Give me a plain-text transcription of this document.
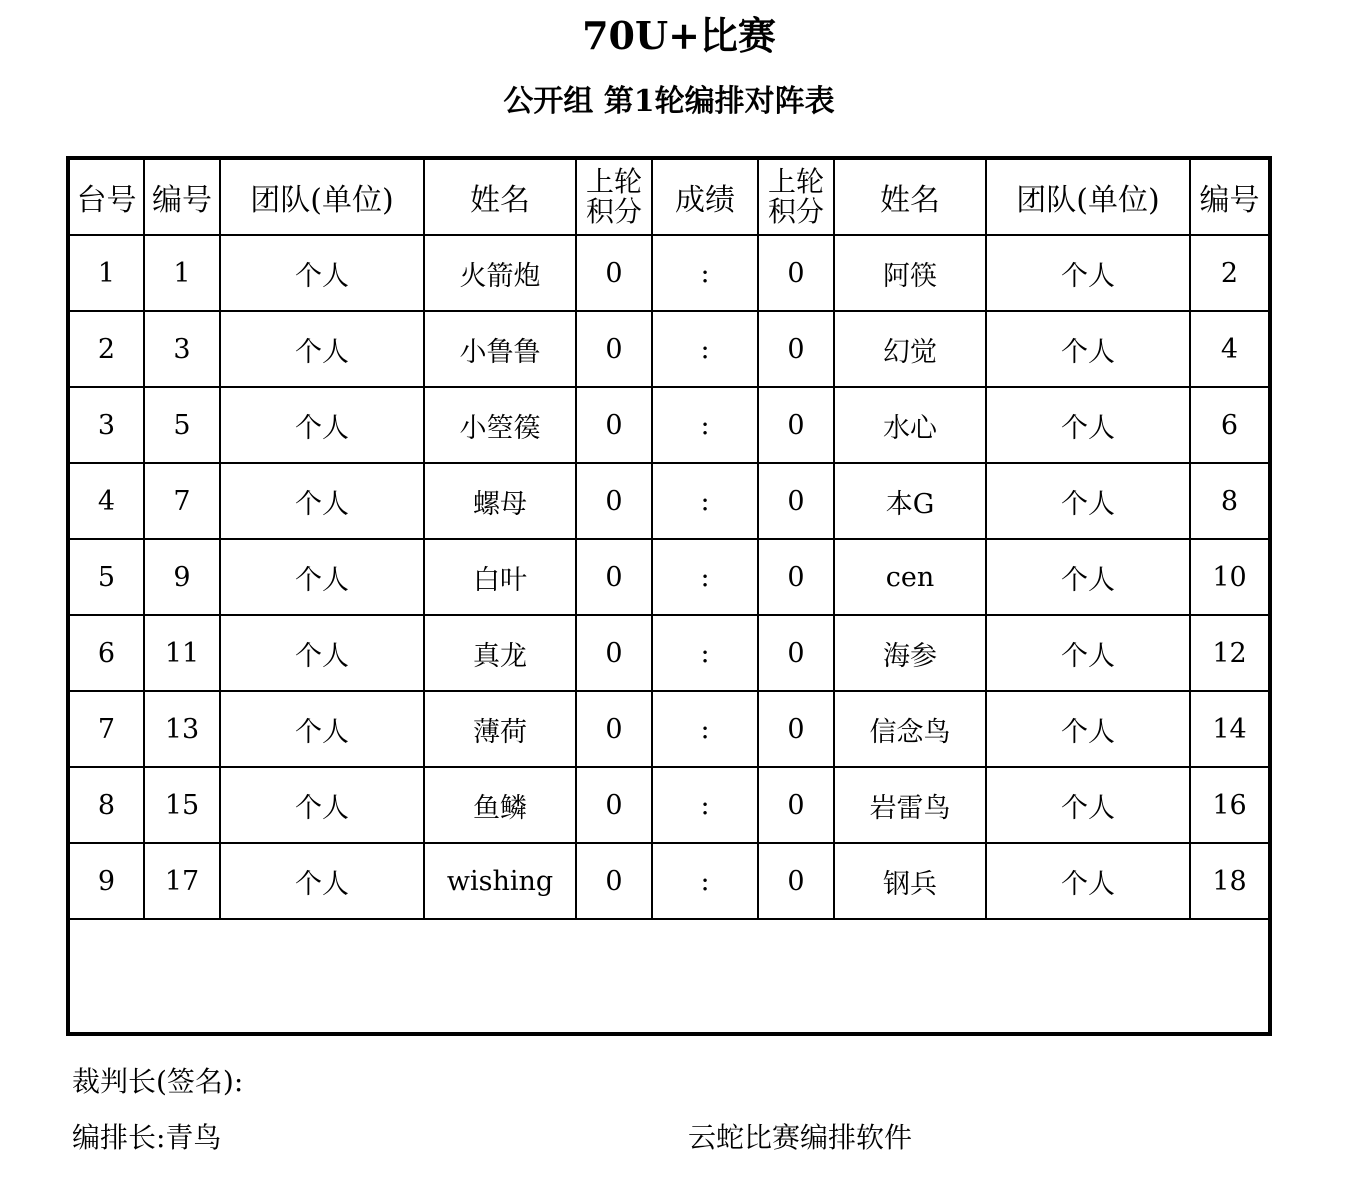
70U+比赛
公开组 第1轮编排对阵表
台号	编号	团队(单位)	姓名	上轮积分	成绩	上轮积分	姓名	团队(单位)	编号
1	1	个人	火箭炮	0	:	0	阿筷	个人	2
2	3	个人	小鲁鲁	0	:	0	幻觉	个人	4
3	5	个人	小箜篌	0	:	0	水心	个人	6
4	7	个人	螺母	0	:	0	本G	个人	8
5	9	个人	白叶	0	:	0	cen	个人	10
6	11	个人	真龙	0	:	0	海参	个人	12
7	13	个人	薄荷	0	:	0	信念鸟	个人	14
8	15	个人	鱼鳞	0	:	0	岩雷鸟	个人	16
9	17	个人	wishing	0	:	0	钢兵	个人	18

裁判长(签名):
编排长:青鸟	云蛇比赛编排软件
